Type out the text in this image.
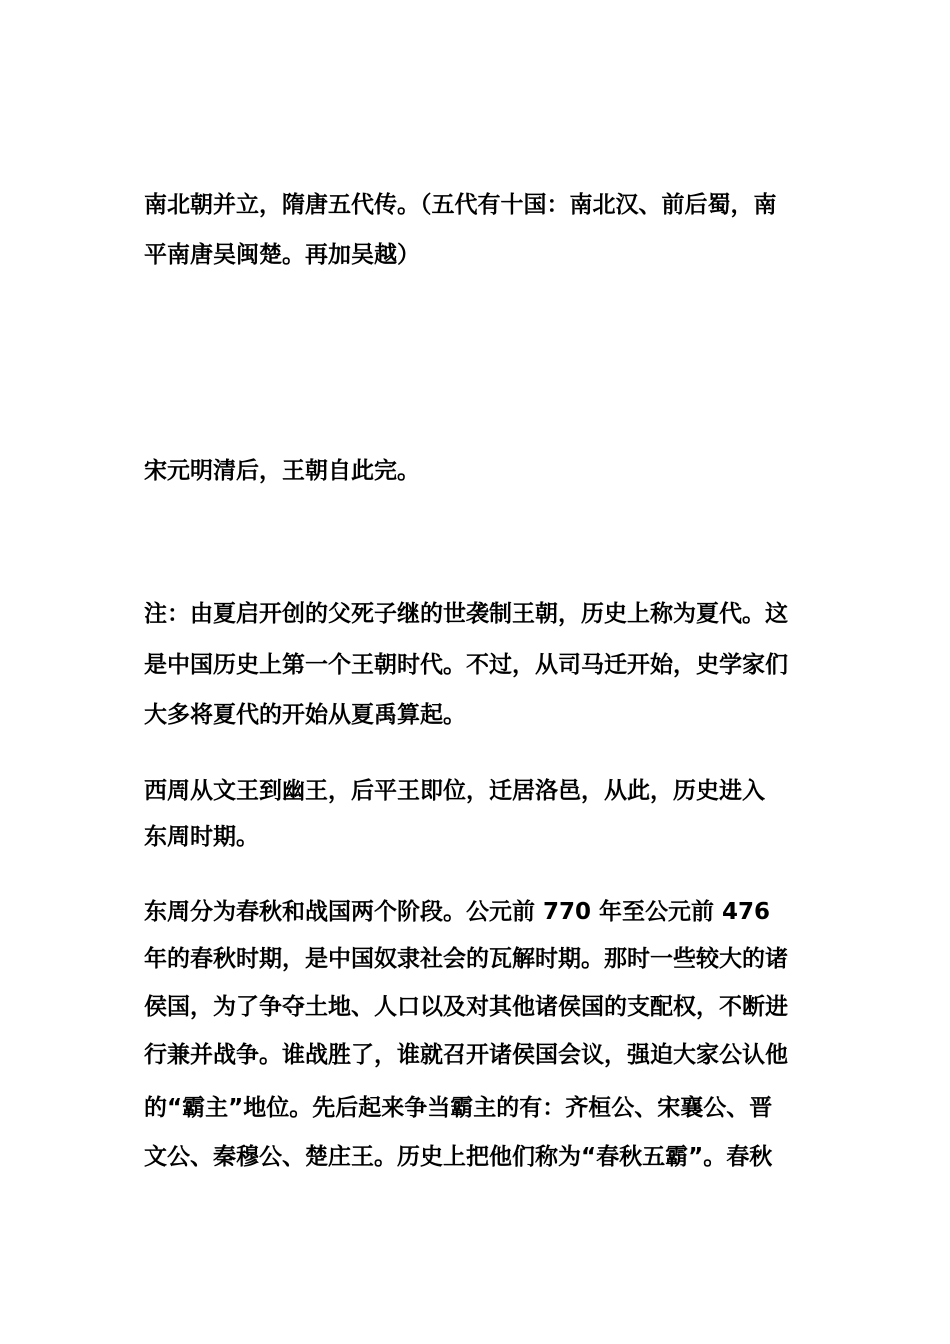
南北朝并立，隋唐五代传。（五代有十国：南北汉、前后蜀，南
平南唐吴闽楚。再加吴越）
宋元明清后，王朝自此完。
注：由夏启开创的父死子继的世袭制王朝，历史上称为夏代。这
是中国历史上第一个王朝时代。不过，从司马迁开始，史学家们
大多将夏代的开始从夏禹算起。
西周从文王到幽王，后平王即位，迁居洛邑，从此，历史进入
东周时期。
东周分为春秋和战国两个阶段。公元前 770 年至公元前 476
年的春秋时期，是中国奴隶社会的瓦解时期。那时一些较大的诸
侯国，为了争夺土地、人口以及对其他诸侯国的支配权，不断进
行兼并战争。谁战胜了，谁就召开诸侯国会议，强迫大家公认他
的“霸主”地位。先后起来争当霸主的有：齐桓公、宋襄公、晋
文公、秦穆公、楚庄王。历史上把他们称为“春秋五霸”。春秋
